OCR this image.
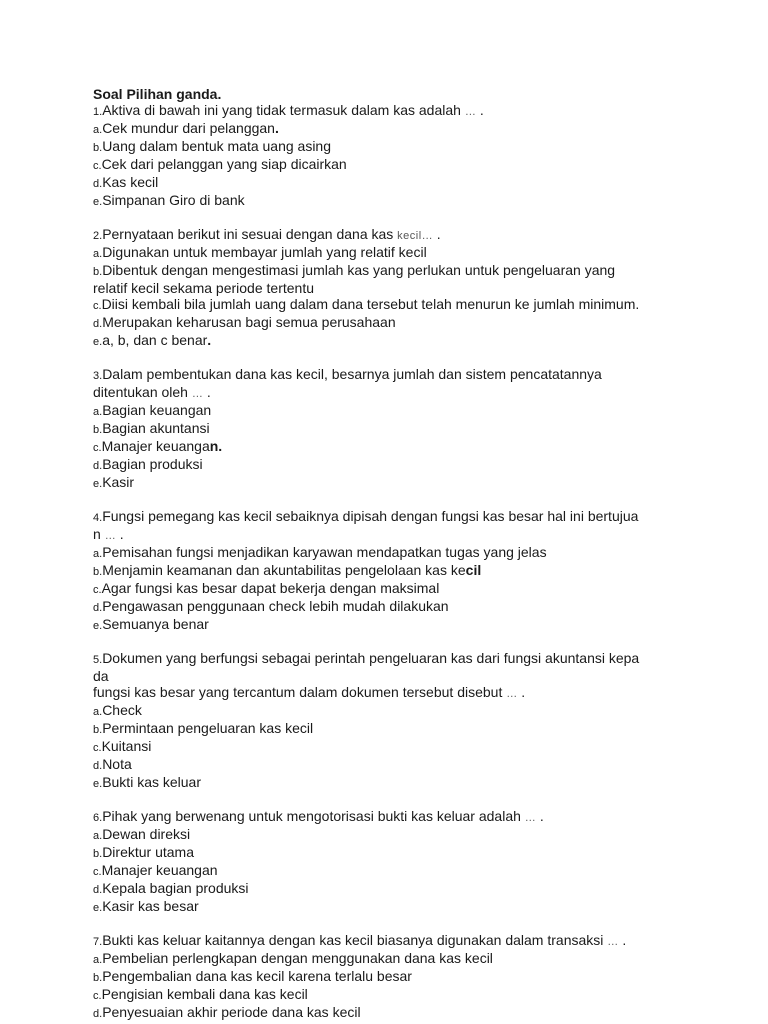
Soal Pilihan ganda.
1.Aktiva di bawah ini yang tidak termasuk dalam kas adalah … .
a.Cek mundur dari pelanggan.
b.Uang dalam bentuk mata uang asing
c.Cek dari pelanggan yang siap dicairkan
d.Kas kecil
e.Simpanan Giro di bank
2.Pernyataan berikut ini sesuai dengan dana kas kecil… .
a.Digunakan untuk membayar jumlah yang relatif kecil
b.Dibentuk dengan mengestimasi jumlah kas yang perlukan untuk pengeluaran yang
relatif kecil sekama periode tertentu
c.Diisi kembali bila jumlah uang dalam dana tersebut telah menurun ke jumlah minimum.
d.Merupakan keharusan bagi semua perusahaan
e.a, b, dan c benar.
3.Dalam pembentukan dana kas kecil, besarnya jumlah dan sistem pencatatannya
ditentukan oleh … .
a.Bagian keuangan
b.Bagian akuntansi
c.Manajer keuangan.
d.Bagian produksi
e.Kasir
4.Fungsi pemegang kas kecil sebaiknya dipisah dengan fungsi kas besar hal ini bertujua
n … .
a.Pemisahan fungsi menjadikan karyawan mendapatkan tugas yang jelas
b.Menjamin keamanan dan akuntabilitas pengelolaan kas kecil
c.Agar fungsi kas besar dapat bekerja dengan maksimal
d.Pengawasan penggunaan check lebih mudah dilakukan
e.Semuanya benar
5.Dokumen yang berfungsi sebagai perintah pengeluaran kas dari fungsi akuntansi kepa
da
fungsi kas besar yang tercantum dalam dokumen tersebut disebut … .
a.Check
b.Permintaan pengeluaran kas kecil
c.Kuitansi
d.Nota
e.Bukti kas keluar
6.Pihak yang berwenang untuk mengotorisasi bukti kas keluar adalah … .
a.Dewan direksi
b.Direktur utama
c.Manajer keuangan
d.Kepala bagian produksi
e.Kasir kas besar
7.Bukti kas keluar kaitannya dengan kas kecil biasanya digunakan dalam transaksi … .
a.Pembelian perlengkapan dengan menggunakan dana kas kecil
b.Pengembalian dana kas kecil karena terlalu besar
c.Pengisian kembali dana kas kecil
d.Penyesuaian akhir periode dana kas kecil
